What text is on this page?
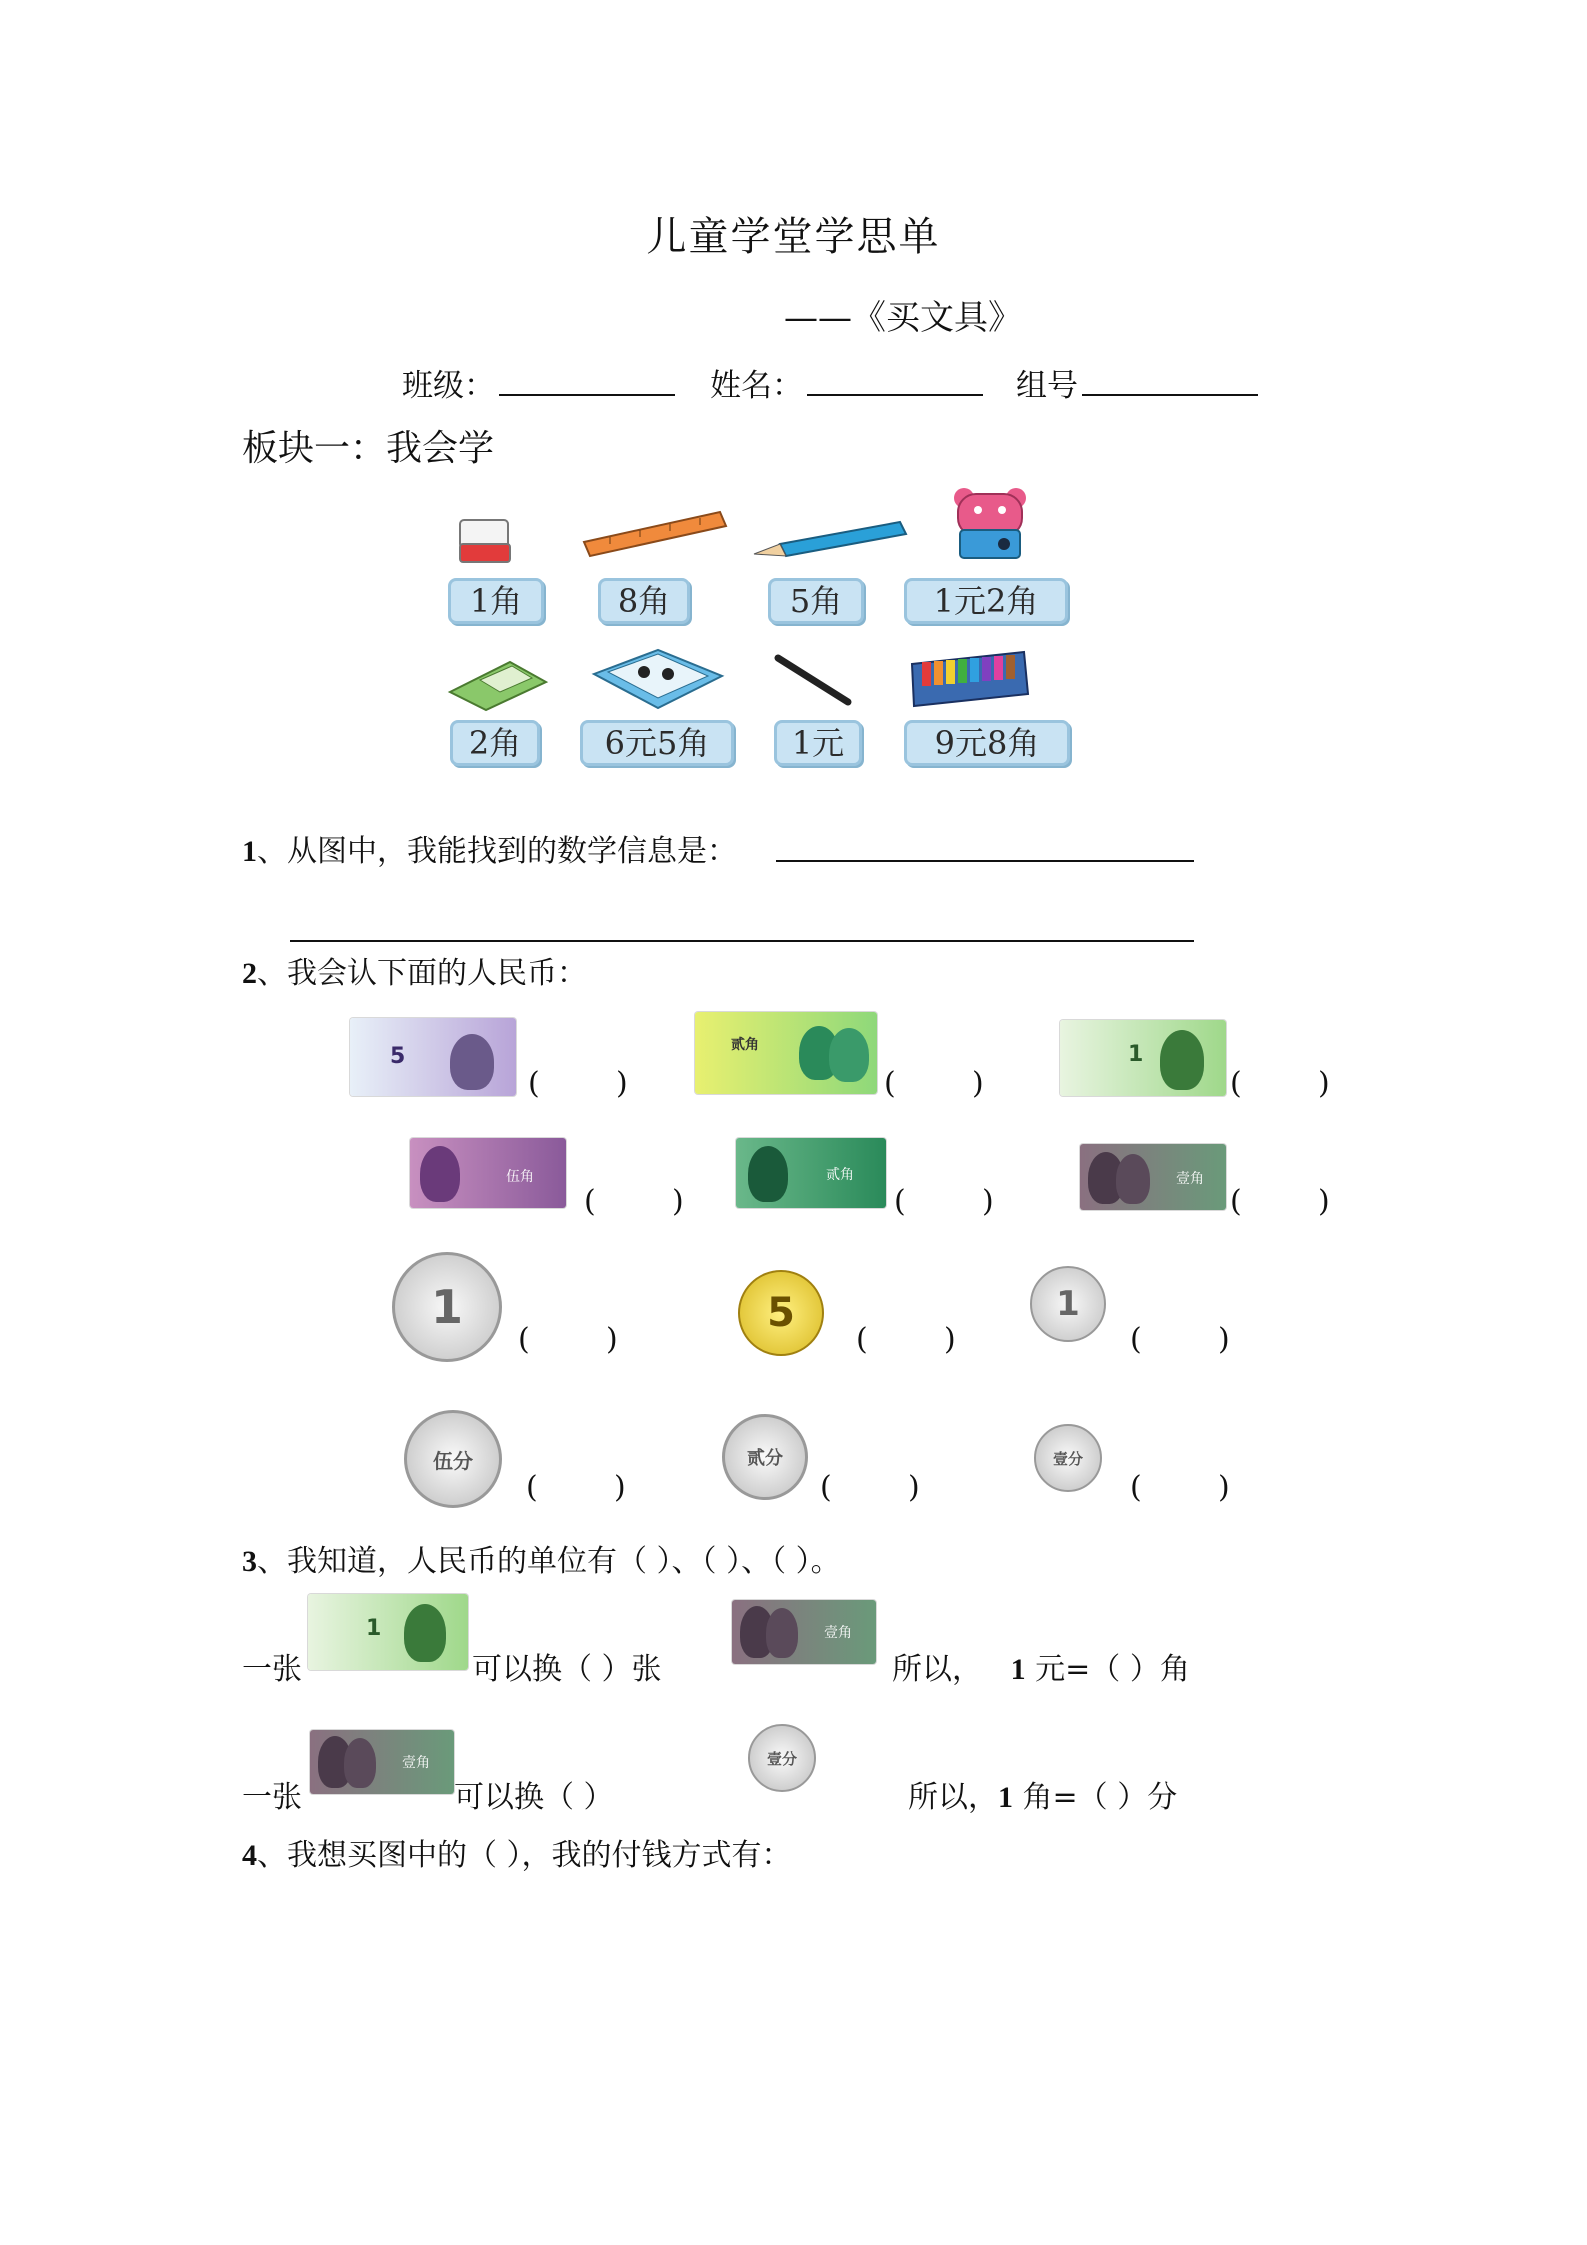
儿童学堂学思单
——《买文具》
班级：	姓名：	组号
板块一：我会学
1角	8角	5角	1元2角
2角	6元5角	1元	9元8角
1、从图中，我能找到的数学信息是：
2、我会认下面的人民币：
5
(        )
贰角
(        )
1
(        )
伍角
(        )
贰角
(        )
壹角
(        )
1
(        )
5
(        )
1
(        )
伍分
(        )
贰分
(        )
壹分
(        )
3、我知道，人民币的单位有（ ）、（ ）、（ ）。
一张
1
可以换（ ）张
壹角
所以， 1 元=（ ）角
一张
壹角
可以换（ ）
壹分
所以，1 角=（ ）分
4、我想买图中的（ ），我的付钱方式有：
